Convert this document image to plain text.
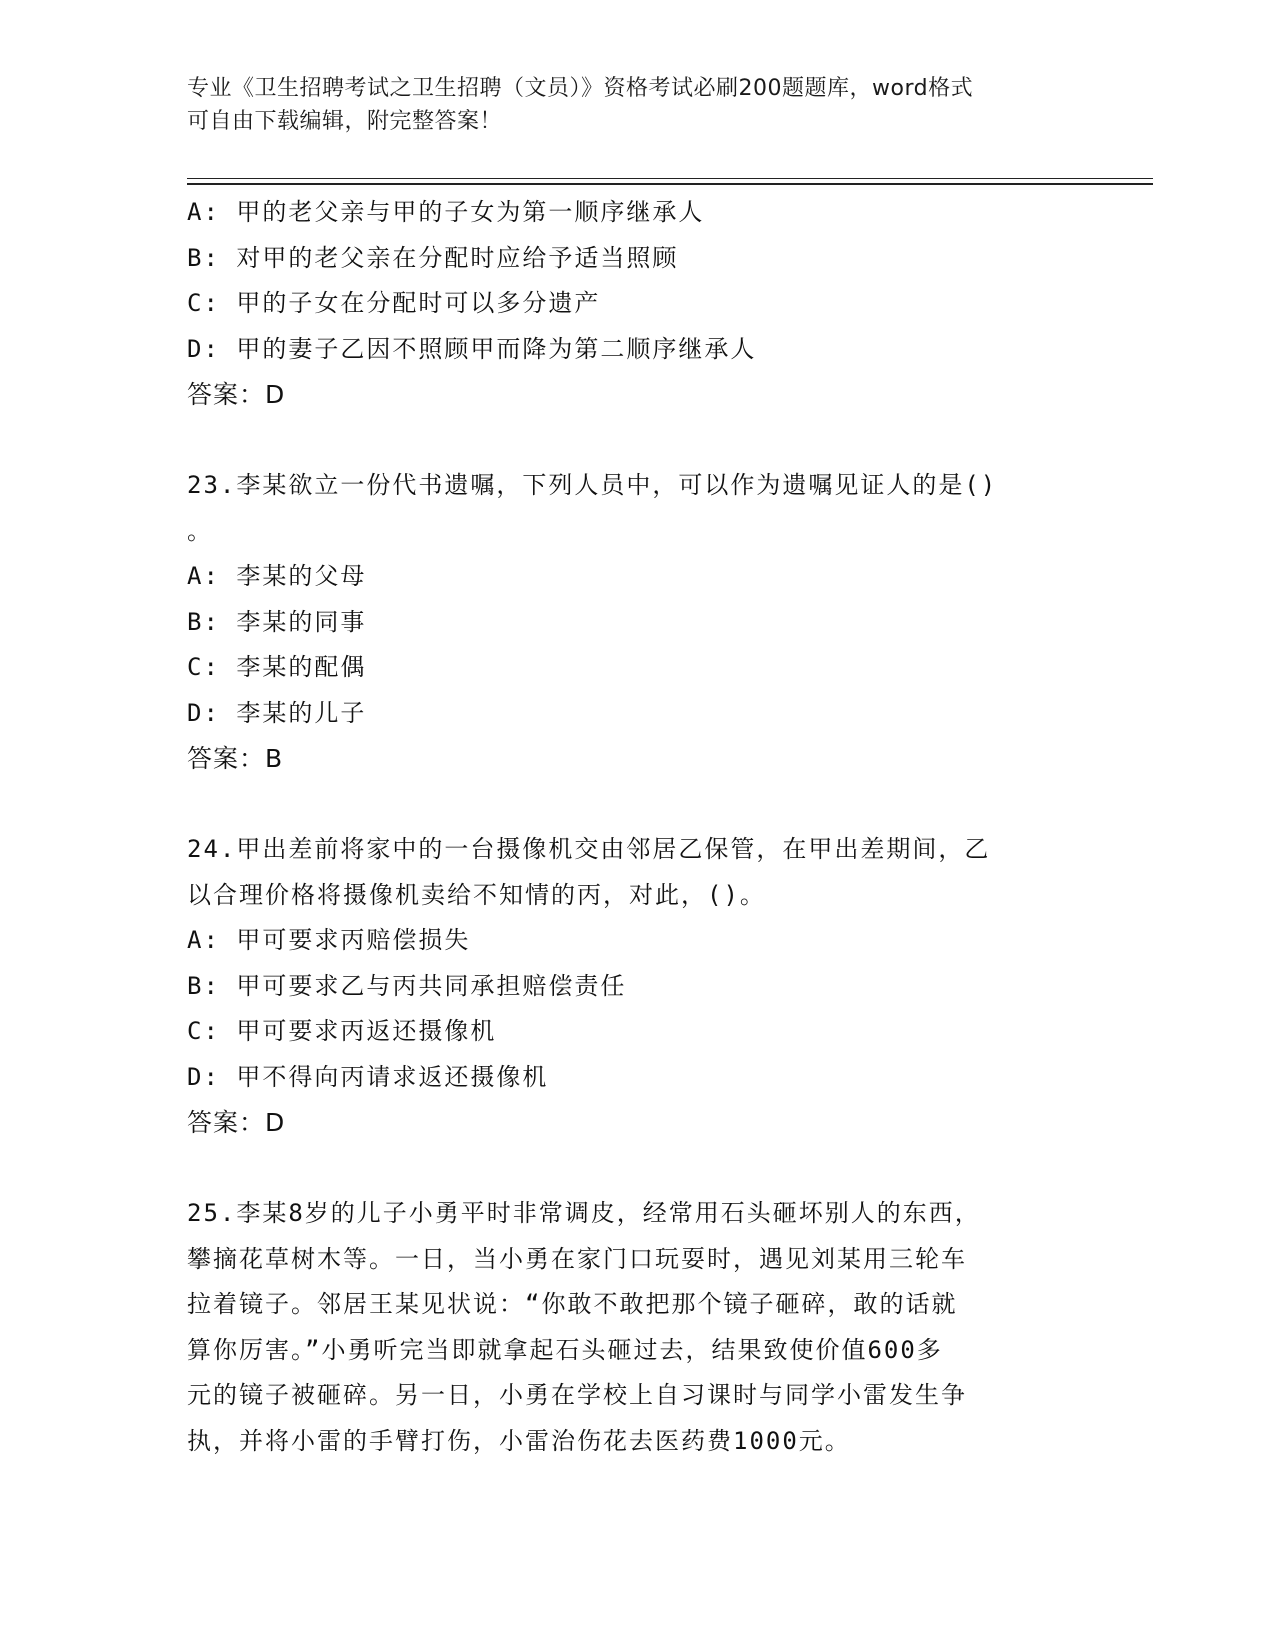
专业《卫生招聘考试之卫生招聘（文员）》资格考试必刷200题题库，word格式
可自由下载编辑，附完整答案！
A: 甲的老父亲与甲的子女为第一顺序继承人
B: 对甲的老父亲在分配时应给予适当照顾
C: 甲的子女在分配时可以多分遗产
D: 甲的妻子乙因不照顾甲而降为第二顺序继承人
答案：D
23.李某欲立一份代书遗嘱，下列人员中，可以作为遗嘱见证人的是()
。
A: 李某的父母
B: 李某的同事
C: 李某的配偶
D: 李某的儿子
答案：B
24.甲出差前将家中的一台摄像机交由邻居乙保管，在甲出差期间，乙
以合理价格将摄像机卖给不知情的丙，对此，()。
A: 甲可要求丙赔偿损失
B: 甲可要求乙与丙共同承担赔偿责任
C: 甲可要求丙返还摄像机
D: 甲不得向丙请求返还摄像机
答案：D
25.李某8岁的儿子小勇平时非常调皮，经常用石头砸坏别人的东西，
攀摘花草树木等。一日，当小勇在家门口玩耍时，遇见刘某用三轮车
拉着镜子。邻居王某见状说：“你敢不敢把那个镜子砸碎，敢的话就
算你厉害。”小勇听完当即就拿起石头砸过去，结果致使价值600多
元的镜子被砸碎。另一日，小勇在学校上自习课时与同学小雷发生争
执，并将小雷的手臂打伤，小雷治伤花去医药费1000元。
